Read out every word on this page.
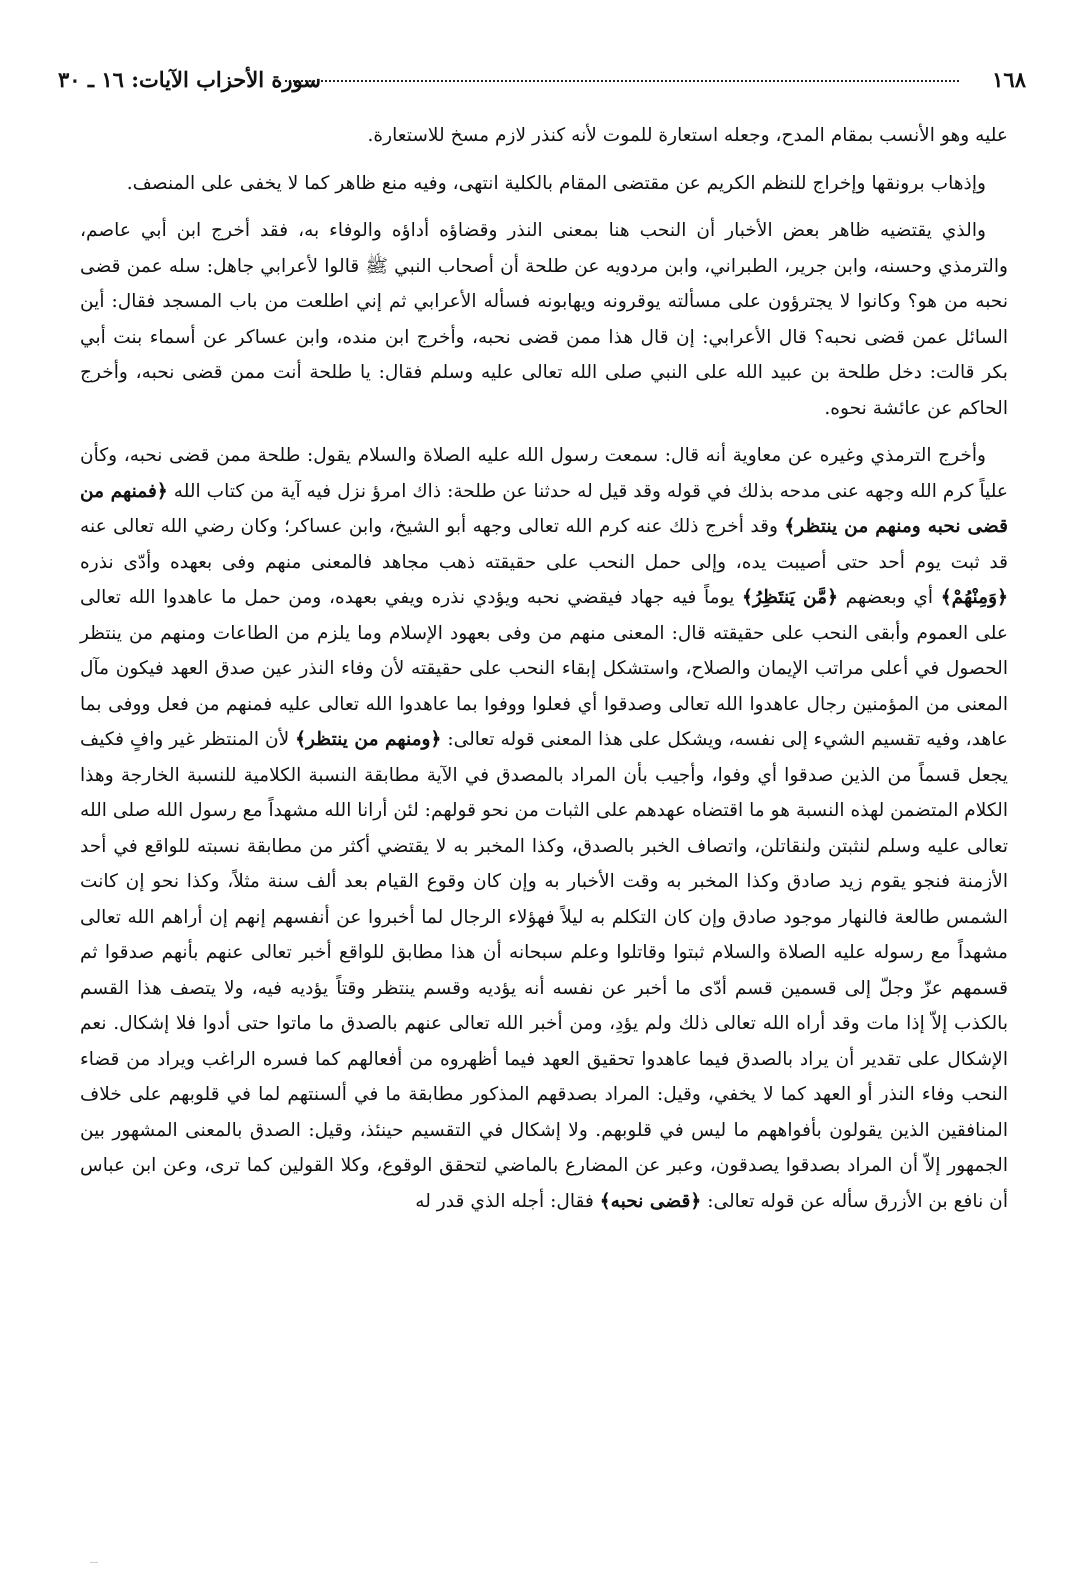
١٦٨
سورة الأحزاب الآيات: ١٦ ـ ٣٠

عليه وهو الأنسب بمقام المدح، وجعله استعارة للموت لأنه كنذر لازم مسخ للاستعارة.

وإذهاب برونقها وإخراج للنظم الكريم عن مقتضى المقام بالكلية انتهى، وفيه منع ظاهر كما لا يخفى على المنصف.

والذي يقتضيه ظاهر بعض الأخبار أن النحب هنا بمعنى النذر وقضاؤه أداؤه والوفاء به، فقد أخرج ابن أبي عاصم، والترمذي وحسنه، وابن جرير، الطبراني، وابن مردويه عن طلحة أن أصحاب النبي ﷺ قالوا لأعرابي جاهل: سله عمن قضى نحبه من هو؟ وكانوا لا يجترؤون على مسألته يوقرونه ويهابونه فسأله الأعرابي ثم إني اطلعت من باب المسجد فقال: أين السائل عمن قضى نحبه؟ قال الأعرابي: إن قال هذا ممن قضى نحبه، وأخرج ابن منده، وابن عساكر عن أسماء بنت أبي بكر قالت: دخل طلحة بن عبيد الله على النبي صلى الله تعالى عليه وسلم فقال: يا طلحة أنت ممن قضى نحبه، وأخرج الحاكم عن عائشة نحوه.

وأخرج الترمذي وغيره عن معاوية أنه قال: سمعت رسول الله عليه الصلاة والسلام يقول: طلحة ممن قضى نحبه، وكأن علياً كرم الله وجهه عنى مدحه بذلك في قوله وقد قيل له حدثنا عن طلحة: ذاك امرؤ نزل فيه آية من كتاب الله ﴿فمنهم من قضى نحبه ومنهم من ينتظر﴾ وقد أخرج ذلك عنه كرم الله تعالى وجهه أبو الشيخ، وابن عساكر؛ وكان رضي الله تعالى عنه قد ثبت يوم أحد حتى أصيبت يده، وإلى حمل النحب على حقيقته ذهب مجاهد فالمعنى منهم وفى بعهده وأدّى نذره ﴿وَمِنْهُمْ﴾ أي وبعضهم ﴿مَّن يَنتَظِرُ﴾ يوماً فيه جهاد فيقضي نحبه ويؤدي نذره ويفي بعهده، ومن حمل ما عاهدوا الله تعالى على العموم وأبقى النحب على حقيقته قال: المعنى منهم من وفى بعهود الإسلام وما يلزم من الطاعات ومنهم من ينتظر الحصول في أعلى مراتب الإيمان والصلاح، واستشكل إبقاء النحب على حقيقته لأن وفاء النذر عين صدق العهد فيكون مآل المعنى من المؤمنين رجال عاهدوا الله تعالى وصدقوا أي فعلوا ووفوا بما عاهدوا الله تعالى عليه فمنهم من فعل ووفى بما عاهد، وفيه تقسيم الشيء إلى نفسه، ويشكل على هذا المعنى قوله تعالى: ﴿ومنهم من ينتظر﴾ لأن المنتظر غير وافٍ فكيف يجعل قسماً من الذين صدقوا أي وفوا، وأجيب بأن المراد بالمصدق في الآية مطابقة النسبة الكلامية للنسبة الخارجة وهذا الكلام المتضمن لهذه النسبة هو ما اقتضاه عهدهم على الثبات من نحو قولهم: لئن أرانا الله مشهداً مع رسول الله صلى الله تعالى عليه وسلم لنثبتن ولنقاتلن، واتصاف الخبر بالصدق، وكذا المخبر به لا يقتضي أكثر من مطابقة نسبته للواقع في أحد الأزمنة فنجو يقوم زيد صادق وكذا المخبر به وقت الأخبار به وإن كان وقوع القيام بعد ألف سنة مثلاً، وكذا نحو إن كانت الشمس طالعة فالنهار موجود صادق وإن كان التكلم به ليلاً فهؤلاء الرجال لما أخبروا عن أنفسهم إنهم إن أراهم الله تعالى مشهداً مع رسوله عليه الصلاة والسلام ثبتوا وقاتلوا وعلم سبحانه أن هذا مطابق للواقع أخبر تعالى عنهم بأنهم صدقوا ثم قسمهم عزّ وجلّ إلى قسمين قسم أدّى ما أخبر عن نفسه أنه يؤديه وقسم ينتظر وقتاً يؤديه فيه، ولا يتصف هذا القسم بالكذب إلاّ إذا مات وقد أراه الله تعالى ذلك ولم يؤدِ، ومن أخبر الله تعالى عنهم بالصدق ما ماتوا حتى أدوا فلا إشكال. نعم الإشكال على تقدير أن يراد بالصدق فيما عاهدوا تحقيق العهد فيما أظهروه من أفعالهم كما فسره الراغب ويراد من قضاء النحب وفاء النذر أو العهد كما لا يخفي، وقيل: المراد بصدقهم المذكور مطابقة ما في ألسنتهم لما في قلوبهم على خلاف المنافقين الذين يقولون بأفواههم ما ليس في قلوبهم. ولا إشكال في التقسيم حينئذ، وقيل: الصدق بالمعنى المشهور بين الجمهور إلاّ أن المراد بصدقوا يصدقون، وعبر عن المضارع بالماضي لتحقق الوقوع، وكلا القولين كما ترى، وعن ابن عباس أن نافع بن الأزرق سأله عن قوله تعالى: ﴿قضى نحبه﴾ فقال: أجله الذي قدر له
